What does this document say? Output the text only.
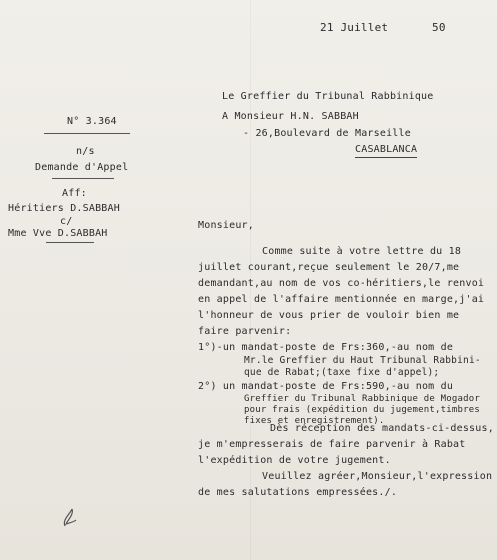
21 Juillet	50
Le Greffier du Tribunal Rabbinique
A Monsieur H.N. SABBAH
- 26,Boulevard de Marseille
CASABLANCA
N° 3.364
n/s
Demande d'Appel
Aff:
Héritiers D.SABBAH
c/
Mme Vve D.SABBAH
Monsieur,
Comme suite à votre lettre du 18
juillet courant,reçue seulement le 20/7,me
demandant,au nom de vos co-héritiers,le renvoi
en appel de l'affaire mentionnée en marge,j'ai
l'honneur de vous prier de vouloir bien me
faire parvenir:
1°)-un mandat-poste de Frs:360,-au nom de
Mr.le Greffier du Haut Tribunal Rabbini-
que de Rabat;(taxe fixe d'appel);
2°) un mandat-poste de Frs:590,-au nom du
Greffier du Tribunal Rabbinique de Mogador
pour frais (expédition du jugement,timbres
fixes et enregistrement).
Dès réception des mandats-ci-dessus,
je m'empresserais de faire parvenir à Rabat
l'expédition de votre jugement.
Veuillez agréer,Monsieur,l'expression
de mes salutations empressées./.
